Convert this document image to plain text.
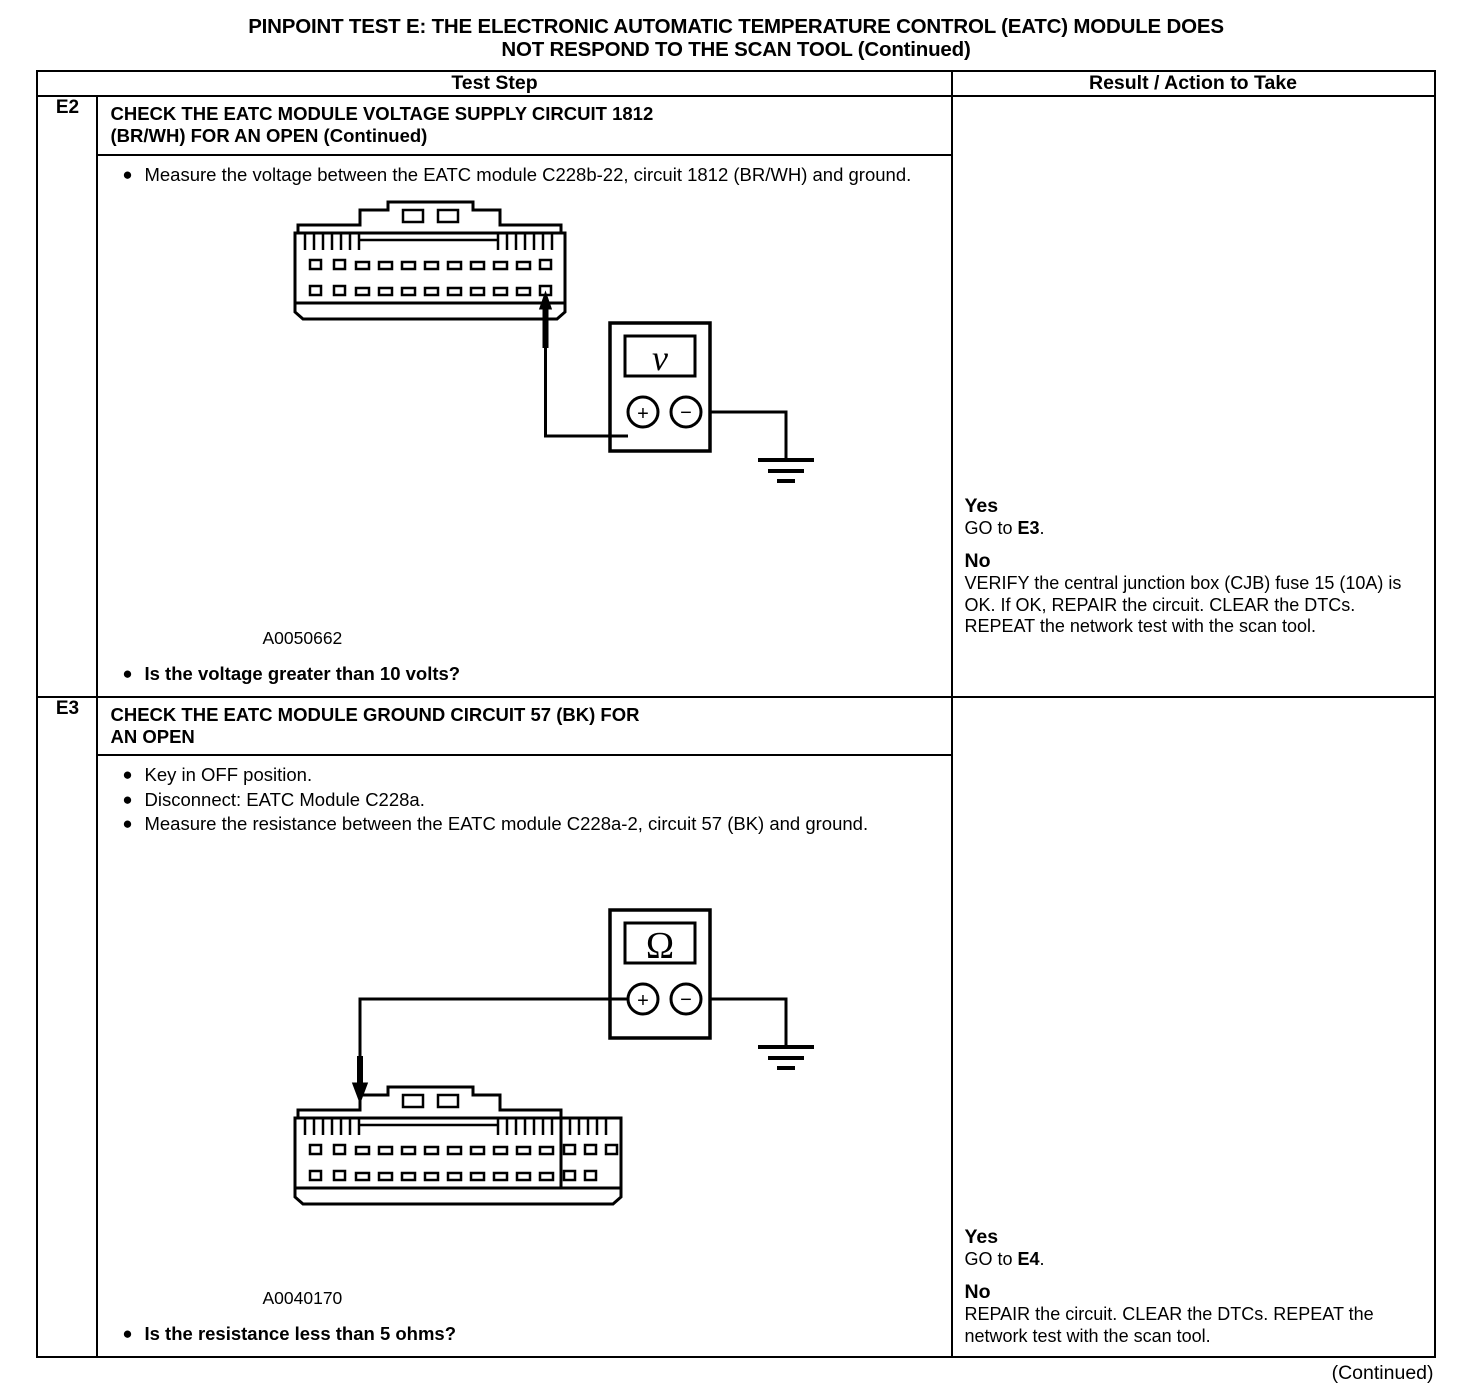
PINPOINT TEST E: THE ELECTRONIC AUTOMATIC TEMPERATURE CONTROL (EATC) MODULE DOES
NOT RESPOND TO THE SCAN TOOL (Continued)
Test Step		Result / Action to Take
E2	CHECK THE EATC MODULE VOLTAGE SUPPLY CIRCUIT 1812
(BR/WH) FOR AN OPEN (Continued)
● Measure the voltage between the EATC module C228b-22, circuit 1812 (BR/WH) and ground.
ν
+ −
A0050662
● Is the voltage greater than 10 volts?

Yes
GO to E3.
No
VERIFY the central junction box (CJB) fuse 15 (10A) is OK. If OK, REPAIR the circuit. CLEAR the DTCs. REPEAT the network test with the scan tool.

E3	CHECK THE EATC MODULE GROUND CIRCUIT 57 (BK) FOR
AN OPEN
● Key in OFF position.
● Disconnect: EATC Module C228a.
● Measure the resistance between the EATC module C228a-2, circuit 57 (BK) and ground.
Ω
+ −
A0040170
● Is the resistance less than 5 ohms?

Yes
GO to E4.
No
REPAIR the circuit. CLEAR the DTCs. REPEAT the network test with the scan tool.
(Continued)
